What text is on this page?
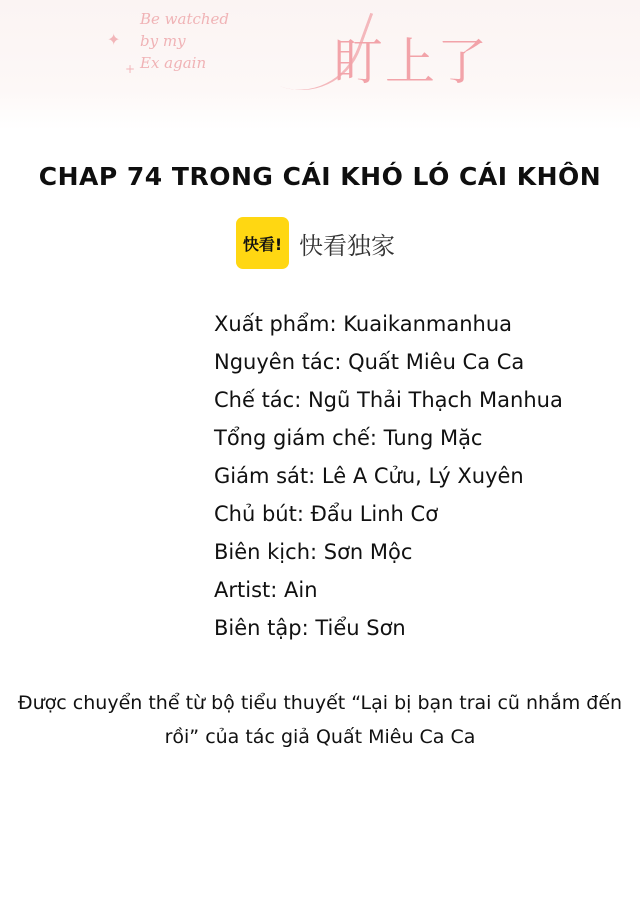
✦
+
Be watched
by my
Ex again	盯上了
CHAP 74 TRONG CÁI KHÓ LÓ CÁI KHÔN
快看! 快看独家
Xuất phẩm: Kuaikanmanhua
Nguyên tác: Quất Miêu Ca Ca
Chế tác: Ngũ Thải Thạch Manhua
Tổng giám chế: Tung Mặc
Giám sát: Lê A Cửu, Lý Xuyên
Chủ bút: Đẩu Linh Cơ
Biên kịch: Sơn Mộc
Artist: Ain
Biên tập: Tiểu Sơn
Được chuyển thể từ bộ tiểu thuyết “Lại bị bạn trai cũ nhắm đến
rồi” của tác giả Quất Miêu Ca Ca
